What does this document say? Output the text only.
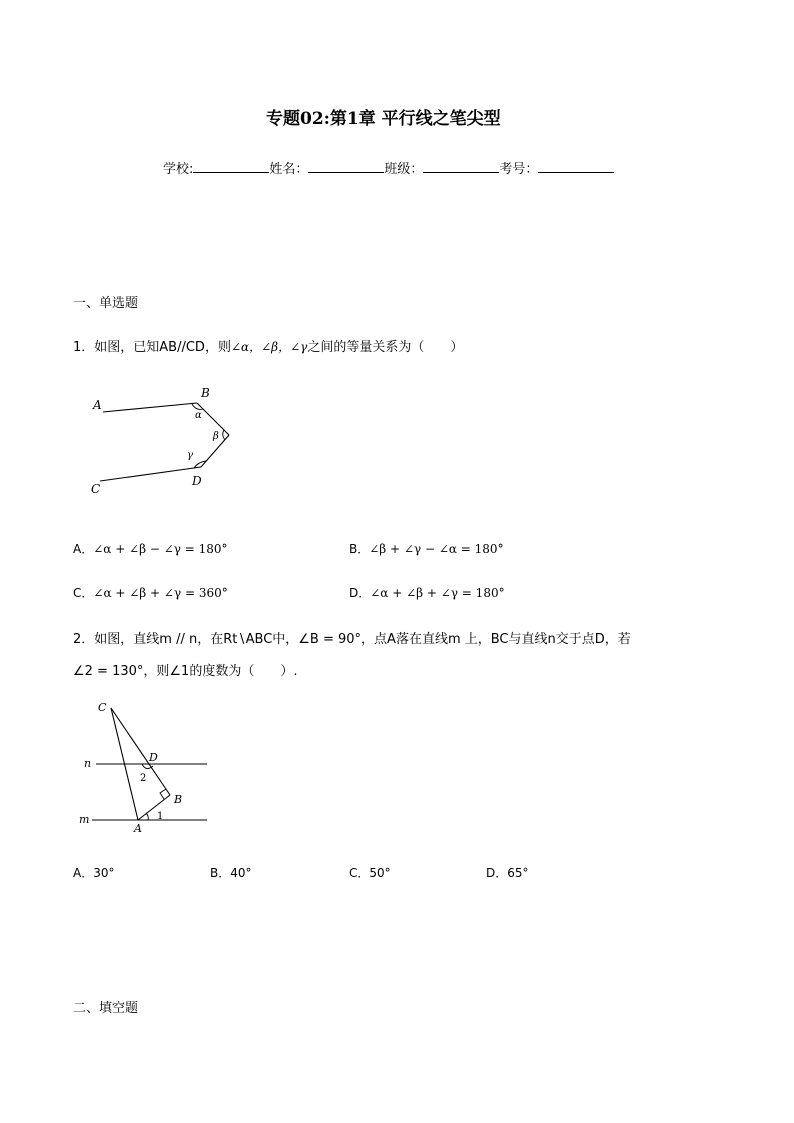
专题02:第1章 平行线之笔尖型
学校:	姓名：	班级：	考号：
一、单选题
1．如图，已知AB//CD，则∠α，∠β，∠γ之间的等量关系为（　　）
A
B
C
D
α
β
γ
A．∠α + ∠β − ∠γ = 180°	B．∠β + ∠γ − ∠α = 180°
C．∠α + ∠β + ∠γ = 360°	D．∠α + ∠β + ∠γ = 180°
2．如图，直线m // n，在Rt∖ABC中，∠B = 90°，点A落在直线m 上，BC与直线n交于点D，若
∠2 = 130°，则∠1的度数为（　　）.
C
D
n
2
B
1
m
A
A．30°	B．40°	C．50°	D．65°
二、填空题
